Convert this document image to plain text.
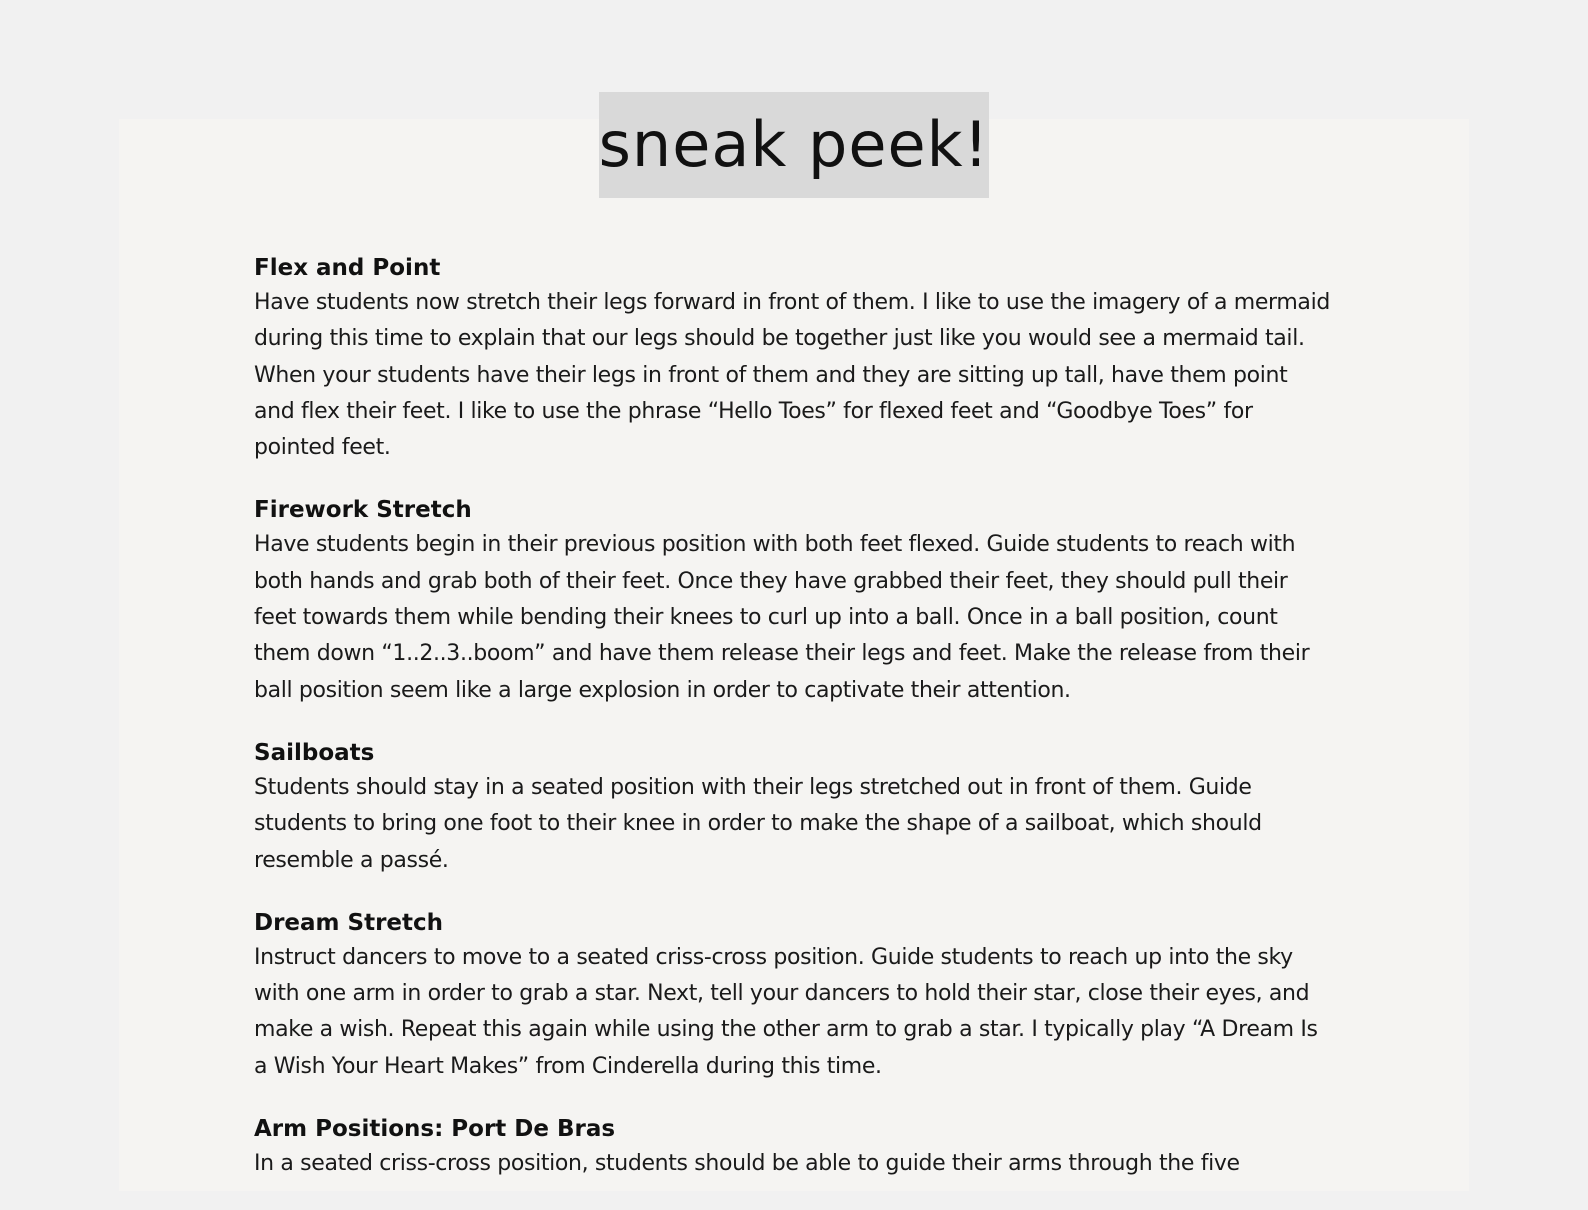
sneak peek!
Flex and Point

Have students now stretch their legs forward in front of them. I like to use the imagery of a mermaid during this time to explain that our legs should be together just like you would see a mermaid tail. When your students have their legs in front of them and they are sitting up tall, have them point and flex their feet. I like to use the phrase “Hello Toes” for flexed feet and “Goodbye Toes” for pointed feet.

Firework Stretch

Have students begin in their previous position with both feet flexed. Guide students to reach with both hands and grab both of their feet. Once they have grabbed their feet, they should pull their feet towards them while bending their knees to curl up into a ball. Once in a ball position, count them down “1..2..3..boom” and have them release their legs and feet. Make the release from their ball position seem like a large explosion in order to captivate their attention.

Sailboats

Students should stay in a seated position with their legs stretched out in front of them. Guide students to bring one foot to their knee in order to make the shape of a sailboat, which should resemble a passé.

Dream Stretch

Instruct dancers to move to a seated criss-cross position. Guide students to reach up into the sky with one arm in order to grab a star. Next, tell your dancers to hold their star, close their eyes, and make a wish. Repeat this again while using the other arm to grab a star. I typically play “A Dream Is a Wish Your Heart Makes” from Cinderella during this time.

Arm Positions: Port De Bras

In a seated criss-cross position, students should be able to guide their arms through the five
